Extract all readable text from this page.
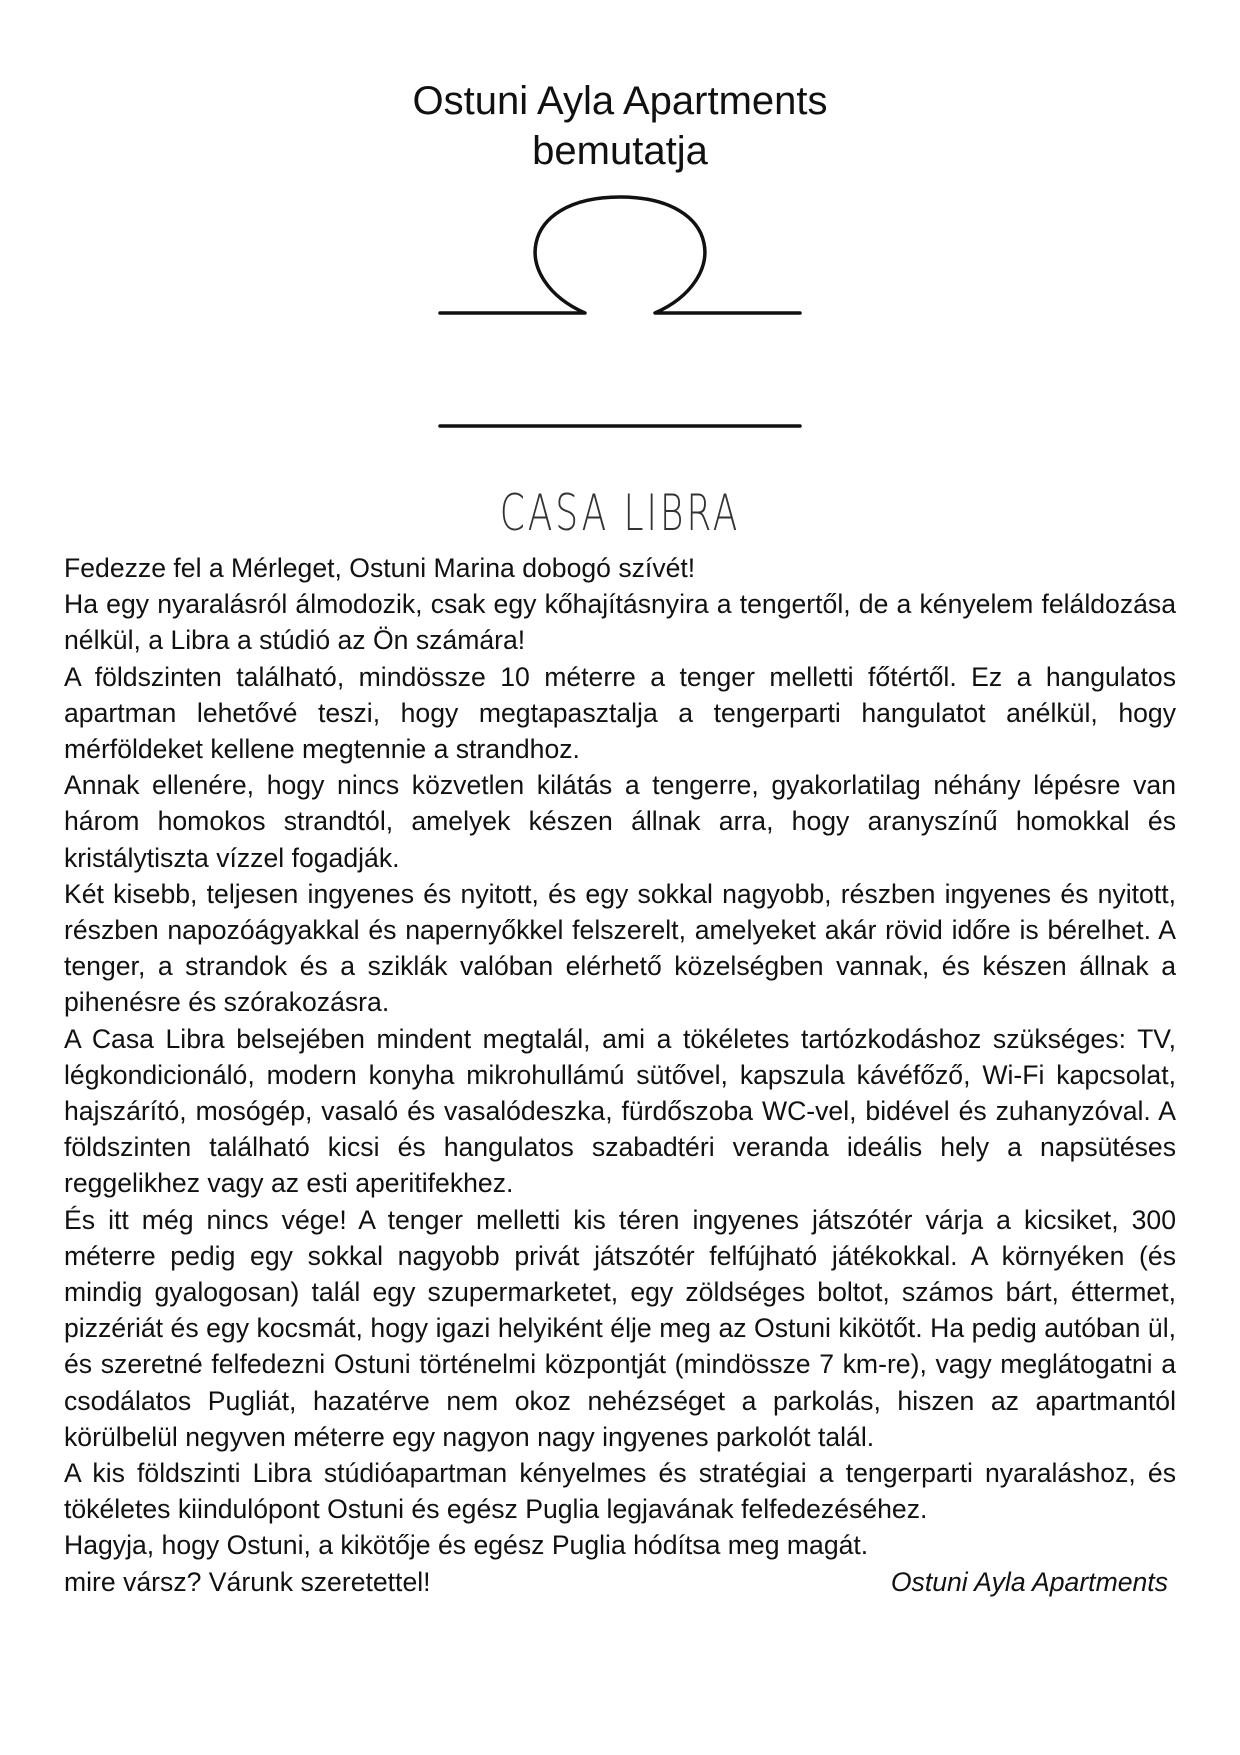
Ostuni Ayla Apartments
bemutatja
CASA LIBRA

Fedezze fel a Mérleget, Ostuni Marina dobogó szívét!

Ha egy nyaralásról álmodozik, csak egy kőhajításnyira a tengertől, de a kényelem feláldozása nélkül, a Libra a stúdió az Ön számára!

A földszinten található, mindössze 10 méterre a tenger melletti főtértől. Ez a hangulatos apartman lehetővé teszi, hogy megtapasztalja a tengerparti hangulatot anélkül, hogy mérföldeket kellene megtennie a strandhoz.

Annak ellenére, hogy nincs közvetlen kilátás a tengerre, gyakorlatilag néhány lépésre van három homokos strandtól, amelyek készen állnak arra, hogy aranyszínű homokkal és kristálytiszta vízzel fogadják.

Két kisebb, teljesen ingyenes és nyitott, és egy sokkal nagyobb, részben ingyenes és nyitott, részben napozóágyakkal és napernyőkkel felszerelt, amelyeket akár rövid időre is bérelhet. A tenger, a strandok és a sziklák valóban elérhető közelségben vannak, és készen állnak a pihenésre és szórakozásra.

A Casa Libra belsejében mindent megtalál, ami a tökéletes tartózkodáshoz szükséges: TV, légkondicionáló, modern konyha mikrohullámú sütővel, kapszula kávéfőző, Wi-Fi kapcsolat, hajszárító, mosógép, vasaló és vasalódeszka, fürdőszoba WC-vel, bidével és zuhanyzóval. A földszinten található kicsi és hangulatos szabadtéri veranda ideális hely a napsütéses reggelikhez vagy az esti aperitifekhez.

És itt még nincs vége! A tenger melletti kis téren ingyenes játszótér várja a kicsiket, 300 méterre pedig egy sokkal nagyobb privát játszótér felfújható játékokkal. A környéken (és mindig gyalogosan) talál egy szupermarketet, egy zöldséges boltot, számos bárt, éttermet, pizzériát és egy kocsmát, hogy igazi helyiként élje meg az Ostuni kikötőt. Ha pedig autóban ül, és szeretné felfedezni Ostuni történelmi központját (mindössze 7 km-re), vagy meglátogatni a csodálatos Pugliát, hazatérve nem okoz nehézséget a parkolás, hiszen az apartmantól körülbelül negyven méterre egy nagyon nagy ingyenes parkolót talál.

A kis földszinti Libra stúdióapartman kényelmes és stratégiai a tengerparti nyaraláshoz, és tökéletes kiindulópont Ostuni és egész Puglia legjavának felfedezéséhez.

Hagyja, hogy Ostuni, a kikötője és egész Puglia hódítsa meg magát.

mire vársz? Várunk szeretettel!	Ostuni Ayla Apartments
